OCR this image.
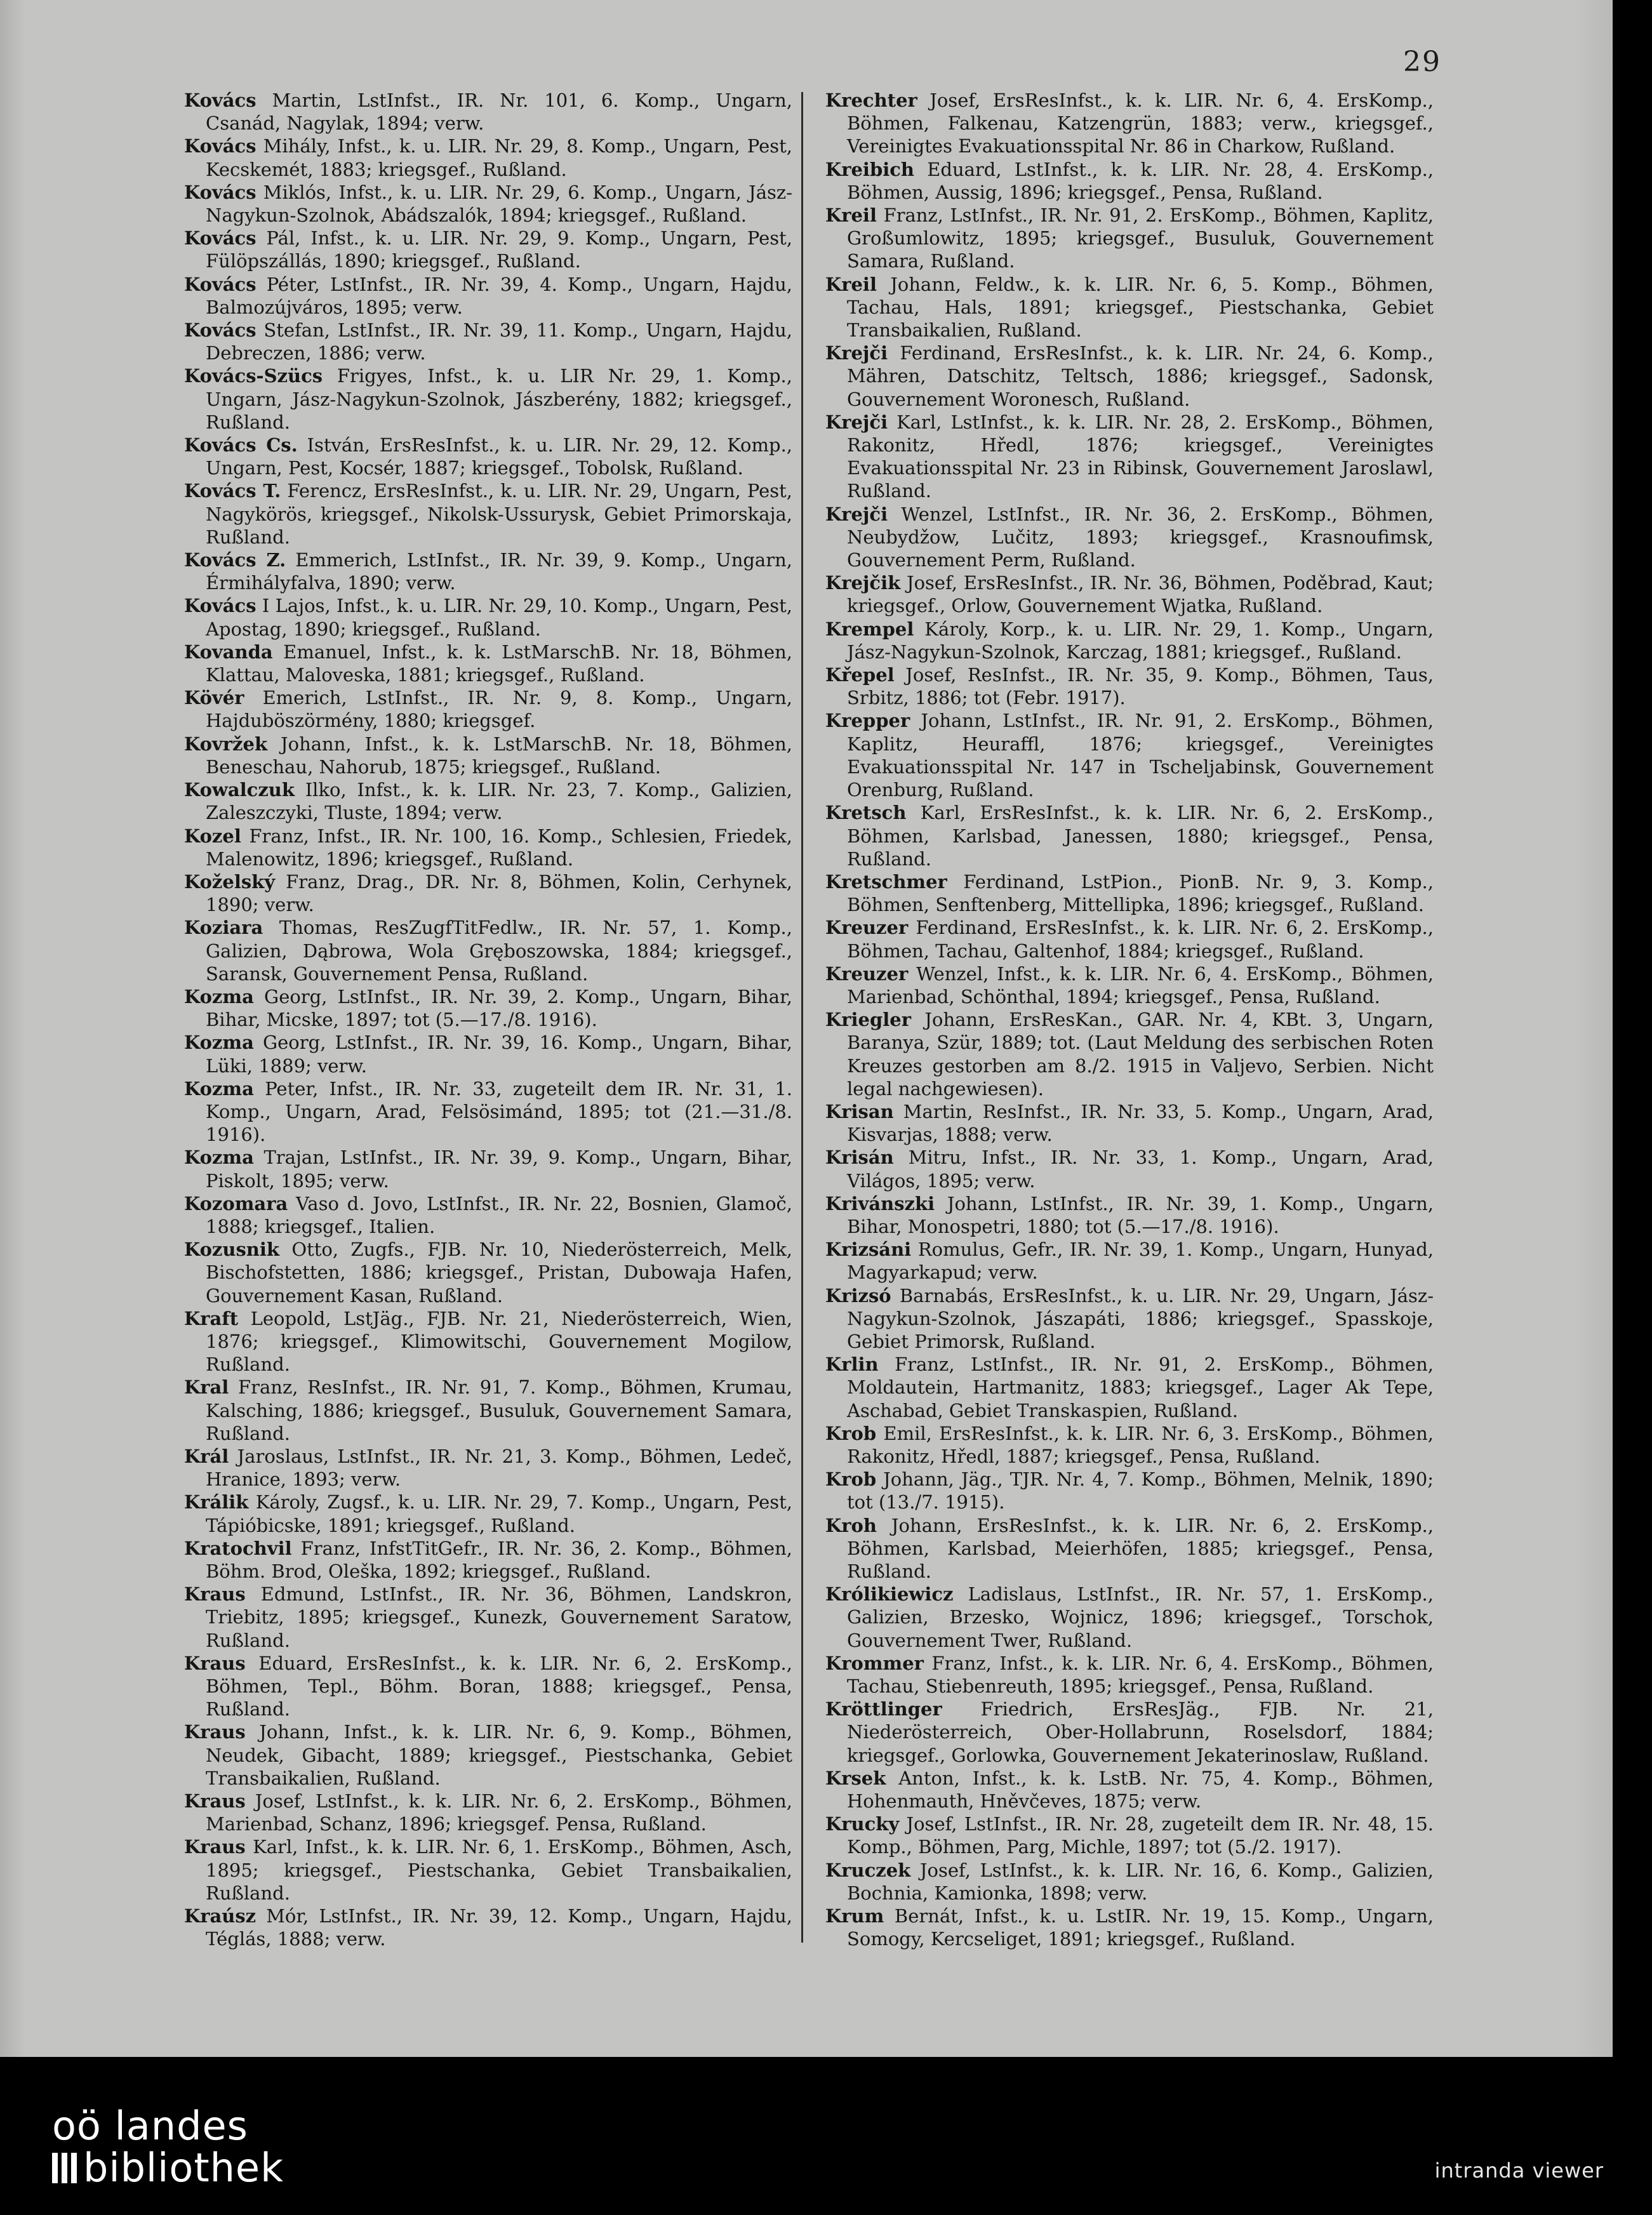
29
Kovács Martin, LstInfst., IR. Nr. 101, 6. Komp., Ungarn, Csanád, Nagylak, 1894; verw.
Kovács Mihály, Infst., k. u. LIR. Nr. 29, 8. Komp., Ungarn, Pest, Kecskemét, 1883; kriegsgef., Rußland.
Kovács Miklós, Infst., k. u. LIR. Nr. 29, 6. Komp., Ungarn, Jász-Nagykun-Szolnok, Abádszalók, 1894; kriegsgef., Rußland.
Kovács Pál, Infst., k. u. LIR. Nr. 29, 9. Komp., Ungarn, Pest, Fülöpszállás, 1890; kriegsgef., Rußland.
Kovács Péter, LstInfst., IR. Nr. 39, 4. Komp., Ungarn, Hajdu, Balmozújváros, 1895; verw.
Kovács Stefan, LstInfst., IR. Nr. 39, 11. Komp., Ungarn, Hajdu, Debreczen, 1886; verw.
Kovács-Szücs Frigyes, Infst., k. u. LIR Nr. 29, 1. Komp., Ungarn, Jász-Nagykun-Szolnok, Jászberény, 1882; kriegsgef., Rußland.
Kovács Cs. István, ErsResInfst., k. u. LIR. Nr. 29, 12. Komp., Ungarn, Pest, Kocsér, 1887; kriegsgef., Tobolsk, Rußland.
Kovács T. Ferencz, ErsResInfst., k. u. LIR. Nr. 29, Ungarn, Pest, Nagykörös, kriegsgef., Nikolsk-Ussurysk, Gebiet Primorskaja, Rußland.
Kovács Z. Emmerich, LstInfst., IR. Nr. 39, 9. Komp., Ungarn, Érmihályfalva, 1890; verw.
Kovács I Lajos, Infst., k. u. LIR. Nr. 29, 10. Komp., Ungarn, Pest, Apostag, 1890; kriegsgef., Rußland.
Kovanda Emanuel, Infst., k. k. LstMarschB. Nr. 18, Böhmen, Klattau, Maloveska, 1881; kriegsgef., Rußland.
Kövér Emerich, LstInfst., IR. Nr. 9, 8. Komp., Ungarn, Hajduböszörmény, 1880; kriegsgef.
Kovržek Johann, Infst., k. k. LstMarschB. Nr. 18, Böhmen, Beneschau, Nahorub, 1875; kriegsgef., Rußland.
Kowalczuk Ilko, Infst., k. k. LIR. Nr. 23, 7. Komp., Galizien, Zaleszczyki, Tluste, 1894; verw.
Kozel Franz, Infst., IR. Nr. 100, 16. Komp., Schlesien, Friedek, Malenowitz, 1896; kriegsgef., Rußland.
Koželský Franz, Drag., DR. Nr. 8, Böhmen, Kolin, Cerhynek, 1890; verw.
Koziara Thomas, ResZugfTitFedlw., IR. Nr. 57, 1. Komp., Galizien, Dąbrowa, Wola Gręboszowska, 1884; kriegsgef., Saransk, Gouvernement Pensa, Rußland.
Kozma Georg, LstInfst., IR. Nr. 39, 2. Komp., Ungarn, Bihar, Bihar, Micske, 1897; tot (5.—17./8. 1916).
Kozma Georg, LstInfst., IR. Nr. 39, 16. Komp., Ungarn, Bihar, Lüki, 1889; verw.
Kozma Peter, Infst., IR. Nr. 33, zugeteilt dem IR. Nr. 31, 1. Komp., Ungarn, Arad, Felsösimánd, 1895; tot (21.—31./8. 1916).
Kozma Trajan, LstInfst., IR. Nr. 39, 9. Komp., Ungarn, Bihar, Piskolt, 1895; verw.
Kozomara Vaso d. Jovo, LstInfst., IR. Nr. 22, Bosnien, Glamoč, 1888; kriegsgef., Italien.
Kozusnik Otto, Zugfs., FJB. Nr. 10, Niederösterreich, Melk, Bischofstetten, 1886; kriegsgef., Pristan, Dubowaja Hafen, Gouvernement Kasan, Rußland.
Kraft Leopold, LstJäg., FJB. Nr. 21, Niederösterreich, Wien, 1876; kriegsgef., Klimowitschi, Gouvernement Mogilow, Rußland.
Kral Franz, ResInfst., IR. Nr. 91, 7. Komp., Böhmen, Krumau, Kalsching, 1886; kriegsgef., Busuluk, Gouvernement Samara, Rußland.
Král Jaroslaus, LstInfst., IR. Nr. 21, 3. Komp., Böhmen, Ledeč, Hranice, 1893; verw.
Králik Károly, Zugsf., k. u. LIR. Nr. 29, 7. Komp., Ungarn, Pest, Tápióbicske, 1891; kriegsgef., Rußland.
Kratochvil Franz, InfstTitGefr., IR. Nr. 36, 2. Komp., Böhmen, Böhm. Brod, Oleška, 1892; kriegsgef., Rußland.
Kraus Edmund, LstInfst., IR. Nr. 36, Böhmen, Landskron, Triebitz, 1895; kriegsgef., Kunezk, Gouvernement Saratow, Rußland.
Kraus Eduard, ErsResInfst., k. k. LIR. Nr. 6, 2. ErsKomp., Böhmen, Tepl., Böhm. Boran, 1888; kriegsgef., Pensa, Rußland.
Kraus Johann, Infst., k. k. LIR. Nr. 6, 9. Komp., Böhmen, Neudek, Gibacht, 1889; kriegsgef., Piestschanka, Gebiet Transbaikalien, Rußland.
Kraus Josef, LstInfst., k. k. LIR. Nr. 6, 2. ErsKomp., Böhmen, Marienbad, Schanz, 1896; kriegsgef. Pensa, Rußland.
Kraus Karl, Infst., k. k. LIR. Nr. 6, 1. ErsKomp., Böhmen, Asch, 1895; kriegsgef., Piestschanka, Gebiet Transbaikalien, Rußland.
Kraúsz Mór, LstInfst., IR. Nr. 39, 12. Komp., Ungarn, Hajdu, Téglás, 1888; verw.
Krechter Josef, ErsResInfst., k. k. LIR. Nr. 6, 4. ErsKomp., Böhmen, Falkenau, Katzengrün, 1883; verw., kriegsgef., Vereinigtes Evakuationsspital Nr. 86 in Charkow, Rußland.
Kreibich Eduard, LstInfst., k. k. LIR. Nr. 28, 4. ErsKomp., Böhmen, Aussig, 1896; kriegsgef., Pensa, Rußland.
Kreil Franz, LstInfst., IR. Nr. 91, 2. ErsKomp., Böhmen, Kaplitz, Großumlowitz, 1895; kriegsgef., Busuluk, Gouvernement Samara, Rußland.
Kreil Johann, Feldw., k. k. LIR. Nr. 6, 5. Komp., Böhmen, Tachau, Hals, 1891; kriegsgef., Piestschanka, Gebiet Transbaikalien, Rußland.
Krejči Ferdinand, ErsResInfst., k. k. LIR. Nr. 24, 6. Komp., Mähren, Datschitz, Teltsch, 1886; kriegsgef., Sadonsk, Gouvernement Woronesch, Rußland.
Krejči Karl, LstInfst., k. k. LIR. Nr. 28, 2. ErsKomp., Böhmen, Rakonitz, Hředl, 1876; kriegsgef., Vereinigtes Evakuationsspital Nr. 23 in Ribinsk, Gouvernement Jaroslawl, Rußland.
Krejči Wenzel, LstInfst., IR. Nr. 36, 2. ErsKomp., Böhmen, Neubydžow, Lučitz, 1893; kriegsgef., Krasnoufimsk, Gouvernement Perm, Rußland.
Krejčik Josef, ErsResInfst., IR. Nr. 36, Böhmen, Poděbrad, Kaut; kriegsgef., Orlow, Gouvernement Wjatka, Rußland.
Krempel Károly, Korp., k. u. LIR. Nr. 29, 1. Komp., Ungarn, Jász-Nagykun-Szolnok, Karczag, 1881; kriegsgef., Rußland.
Křepel Josef, ResInfst., IR. Nr. 35, 9. Komp., Böhmen, Taus, Srbitz, 1886; tot (Febr. 1917).
Krepper Johann, LstInfst., IR. Nr. 91, 2. ErsKomp., Böhmen, Kaplitz, Heuraffl, 1876; kriegsgef., Vereinigtes Evakuationsspital Nr. 147 in Tscheljabinsk, Gouvernement Orenburg, Rußland.
Kretsch Karl, ErsResInfst., k. k. LIR. Nr. 6, 2. ErsKomp., Böhmen, Karlsbad, Janessen, 1880; kriegsgef., Pensa, Rußland.
Kretschmer Ferdinand, LstPion., PionB. Nr. 9, 3. Komp., Böhmen, Senftenberg, Mittellipka, 1896; kriegsgef., Rußland.
Kreuzer Ferdinand, ErsResInfst., k. k. LIR. Nr. 6, 2. ErsKomp., Böhmen, Tachau, Galtenhof, 1884; kriegsgef., Rußland.
Kreuzer Wenzel, Infst., k. k. LIR. Nr. 6, 4. ErsKomp., Böhmen, Marienbad, Schönthal, 1894; kriegsgef., Pensa, Rußland.
Kriegler Johann, ErsResKan., GAR. Nr. 4, KBt. 3, Ungarn, Baranya, Szür, 1889; tot. (Laut Meldung des serbischen Roten Kreuzes gestorben am 8./2. 1915 in Valjevo, Serbien. Nicht legal nachgewiesen).
Krisan Martin, ResInfst., IR. Nr. 33, 5. Komp., Ungarn, Arad, Kisvarjas, 1888; verw.
Krisán Mitru, Infst., IR. Nr. 33, 1. Komp., Ungarn, Arad, Világos, 1895; verw.
Krivánszki Johann, LstInfst., IR. Nr. 39, 1. Komp., Ungarn, Bihar, Monospetri, 1880; tot (5.—17./8. 1916).
Krizsáni Romulus, Gefr., IR. Nr. 39, 1. Komp., Ungarn, Hunyad, Magyarkapud; verw.
Krizsó Barnabás, ErsResInfst., k. u. LIR. Nr. 29, Ungarn, Jász-Nagykun-Szolnok, Jászapáti, 1886; kriegsgef., Spasskoje, Gebiet Primorsk, Rußland.
Krlin Franz, LstInfst., IR. Nr. 91, 2. ErsKomp., Böhmen, Moldautein, Hartmanitz, 1883; kriegsgef., Lager Ak Tepe, Aschabad, Gebiet Transkaspien, Rußland.
Krob Emil, ErsResInfst., k. k. LIR. Nr. 6, 3. ErsKomp., Böhmen, Rakonitz, Hředl, 1887; kriegsgef., Pensa, Rußland.
Krob Johann, Jäg., TJR. Nr. 4, 7. Komp., Böhmen, Melnik, 1890; tot (13./7. 1915).
Kroh Johann, ErsResInfst., k. k. LIR. Nr. 6, 2. ErsKomp., Böhmen, Karlsbad, Meierhöfen, 1885; kriegsgef., Pensa, Rußland.
Królikiewicz Ladislaus, LstInfst., IR. Nr. 57, 1. ErsKomp., Galizien, Brzesko, Wojnicz, 1896; kriegsgef., Torschok, Gouvernement Twer, Rußland.
Krommer Franz, Infst., k. k. LIR. Nr. 6, 4. ErsKomp., Böhmen, Tachau, Stiebenreuth, 1895; kriegsgef., Pensa, Rußland.
Kröttlinger Friedrich, ErsResJäg., FJB. Nr. 21, Niederösterreich, Ober-Hollabrunn, Roselsdorf, 1884; kriegsgef., Gorlowka, Gouvernement Jekaterinoslaw, Rußland.
Krsek Anton, Infst., k. k. LstB. Nr. 75, 4. Komp., Böhmen, Hohenmauth, Hněvčeves, 1875; verw.
Krucky Josef, LstInfst., IR. Nr. 28, zugeteilt dem IR. Nr. 48, 15. Komp., Böhmen, Parg, Michle, 1897; tot (5./2. 1917).
Kruczek Josef, LstInfst., k. k. LIR. Nr. 16, 6. Komp., Galizien, Bochnia, Kamionka, 1898; verw.
Krum Bernát, Infst., k. u. LstIR. Nr. 19, 15. Komp., Ungarn, Somogy, Kercseliget, 1891; kriegsgef., Rußland.
oö landes
bibliothek	intranda viewer
